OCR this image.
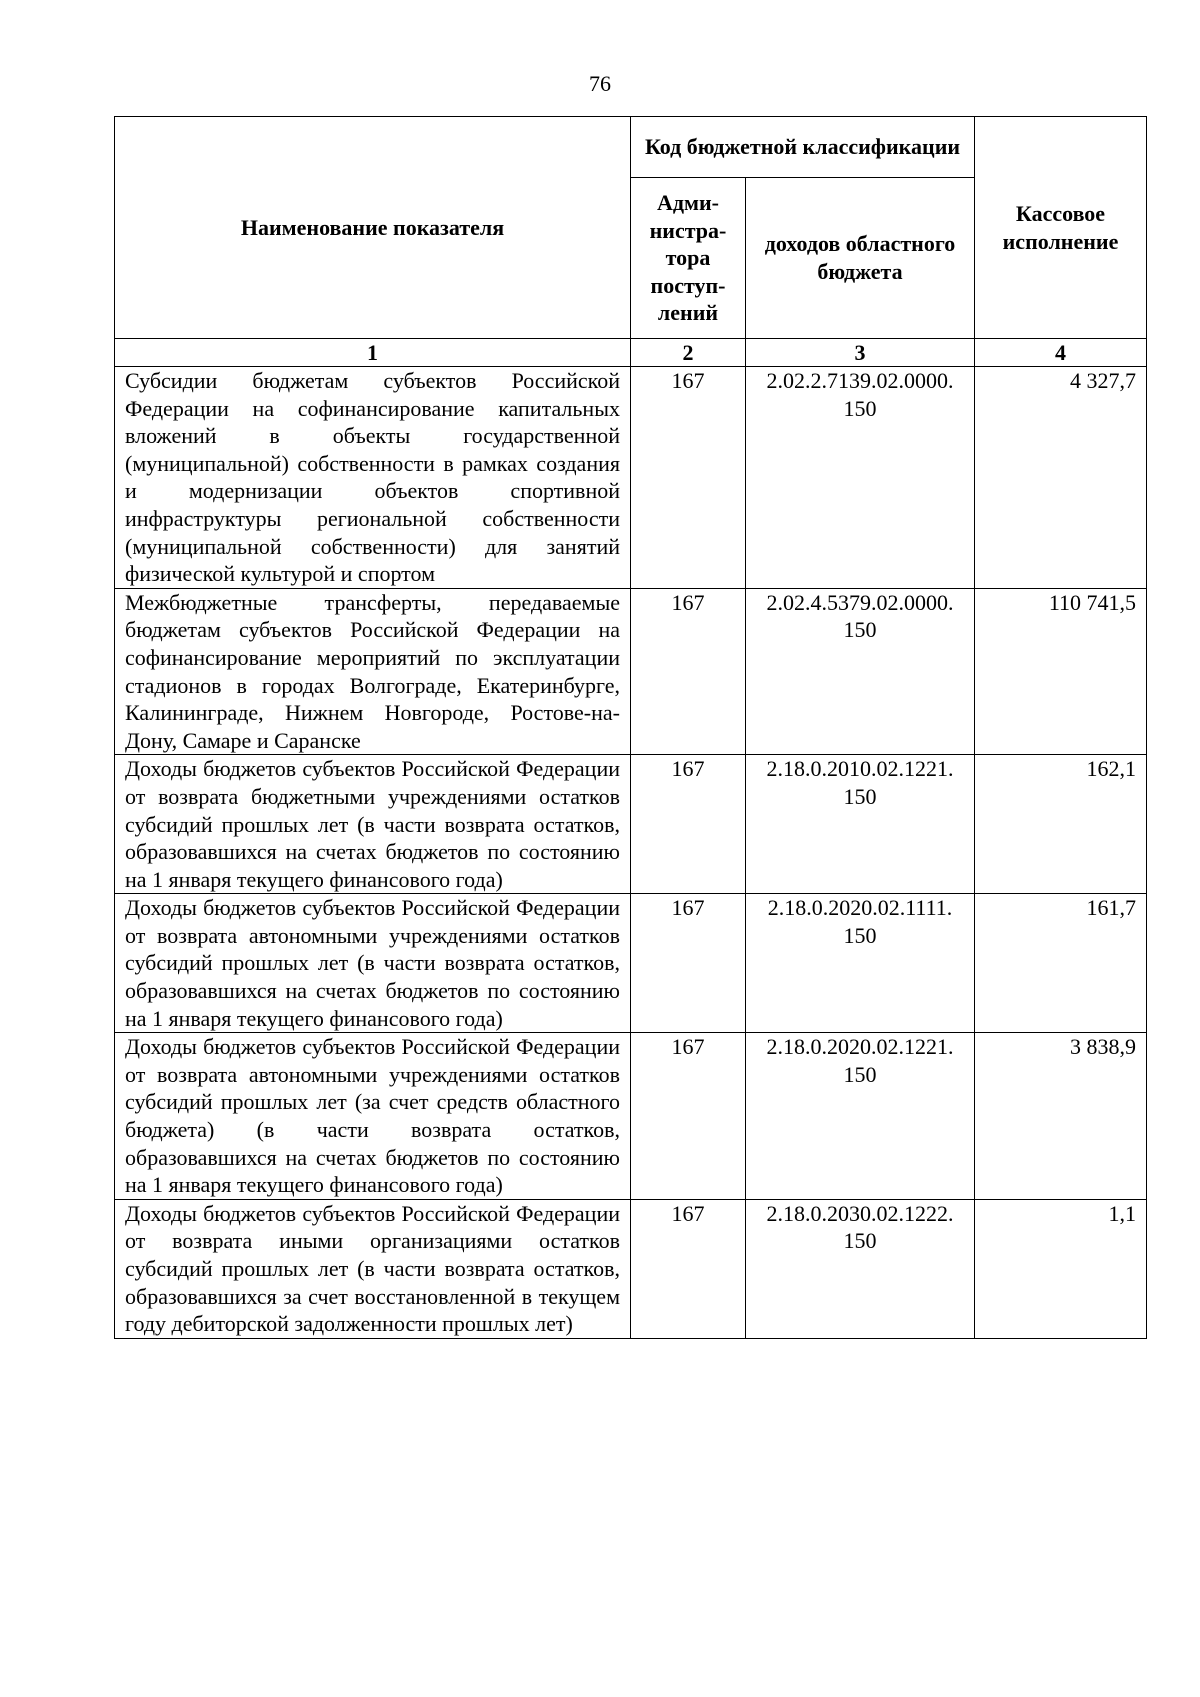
76
Наименование показателя	Код бюджетной классификации		Кассовое исполнение
	Адми-нистра-тора поступ-лений	доходов областного бюджета	
1	2	3	4
Субсидии бюджетам субъектов Российской Федерации на софинансирование капитальных вложений в объекты государственной (муниципальной) собственности в рамках создания и модернизации объектов спортивной инфраструктуры региональной собственности (муниципальной собственности) для занятий физической культурой и спортом	167	2.02.2.7139.02.0000. 150	4 327,7
Межбюджетные трансферты, передаваемые бюджетам субъектов Российской Федерации на софинансирование мероприятий по эксплуатации стадионов в городах Волгограде, Екатеринбурге, Калининграде, Нижнем Новгороде, Ростове-на-Дону, Самаре и Саранске	167	2.02.4.5379.02.0000. 150	110 741,5
Доходы бюджетов субъектов Российской Федерации от возврата бюджетными учреждениями остатков субсидий прошлых лет (в части возврата остатков, образовавшихся на счетах бюджетов по состоянию на 1 января текущего финансового года)	167	2.18.0.2010.02.1221. 150	162,1
Доходы бюджетов субъектов Российской Федерации от возврата автономными учреждениями остатков субсидий прошлых лет (в части возврата остатков, образовавшихся на счетах бюджетов по состоянию на 1 января текущего финансового года)	167	2.18.0.2020.02.1111. 150	161,7
Доходы бюджетов субъектов Российской Федерации от возврата автономными учреждениями остатков субсидий прошлых лет (за счет средств областного бюджета) (в части возврата остатков, образовавшихся на счетах бюджетов по состоянию на 1 января текущего финансового года)	167	2.18.0.2020.02.1221. 150	3 838,9
Доходы бюджетов субъектов Российской Федерации от возврата иными организациями остатков субсидий прошлых лет (в части возврата остатков, образовавшихся за счет восстановленной в текущем году дебиторской задолженности прошлых лет)	167	2.18.0.2030.02.1222. 150	1,1
